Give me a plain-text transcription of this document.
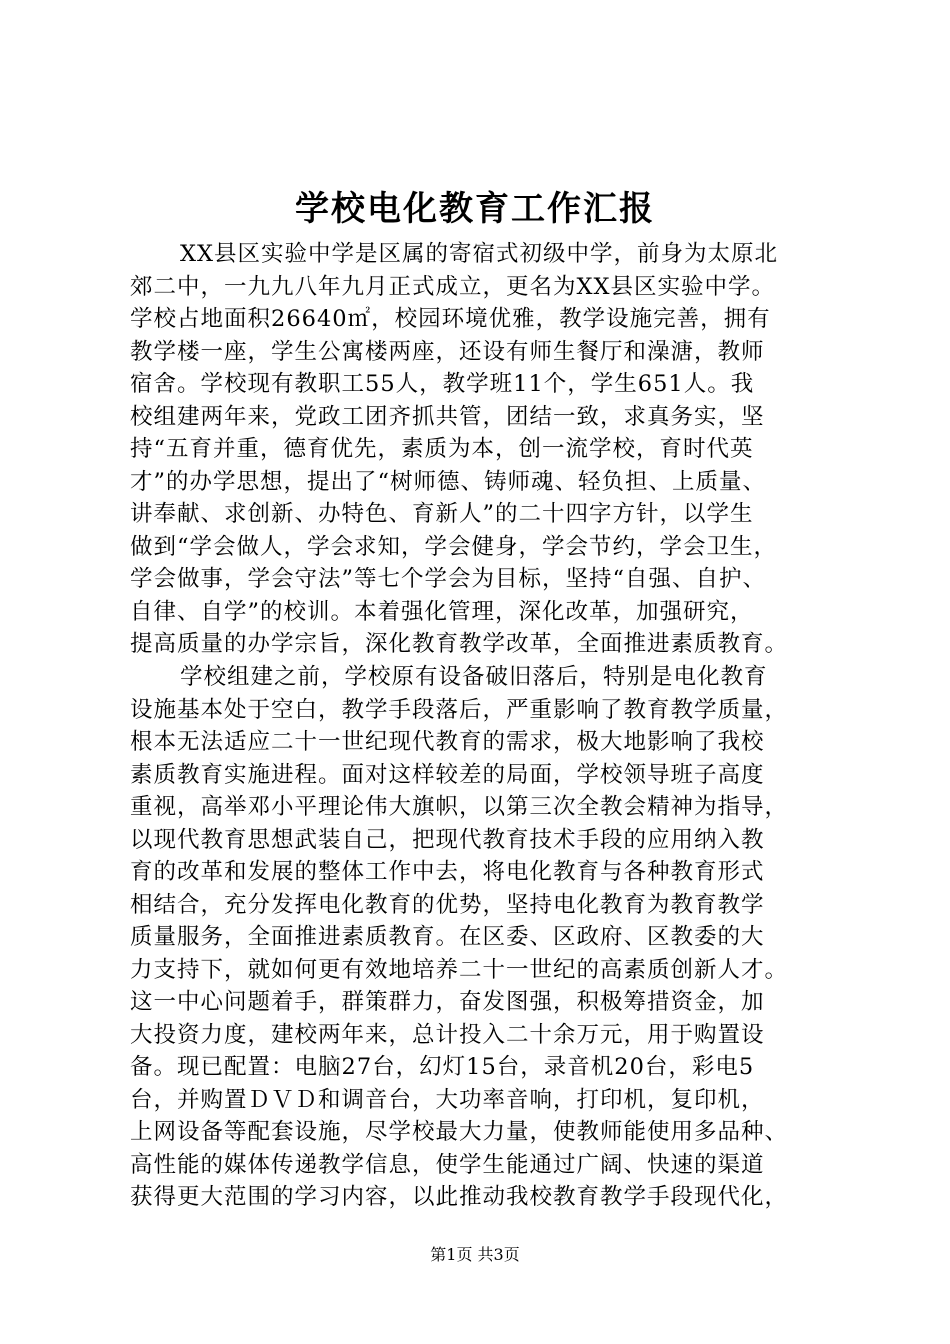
学校电化教育工作汇报
XX县区实验中学是区属的寄宿式初级中学，前身为太原北
郊二中，一九九八年九月正式成立，更名为XX县区实验中学。
学校占地面积26640㎡，校园环境优雅，教学设施完善，拥有
教学楼一座，学生公寓楼两座，还设有师生餐厅和澡溏，教师
宿舍。学校现有教职工55人，教学班11个，学生651人。我
校组建两年来，党政工团齐抓共管，团结一致，求真务实，坚
持“五育并重，德育优先，素质为本，创一流学校，育时代英
才”的办学思想，提出了“树师德、铸师魂、轻负担、上质量、
讲奉献、求创新、办特色、育新人”的二十四字方针，以学生
做到“学会做人，学会求知，学会健身，学会节约，学会卫生，
学会做事，学会守法”等七个学会为目标，坚持“自强、自护、
自律、自学”的校训。本着强化管理，深化改革，加强研究，
提高质量的办学宗旨，深化教育教学改革，全面推进素质教育。
学校组建之前，学校原有设备破旧落后，特别是电化教育
设施基本处于空白，教学手段落后，严重影响了教育教学质量，
根本无法适应二十一世纪现代教育的需求，极大地影响了我校
素质教育实施进程。面对这样较差的局面，学校领导班子高度
重视，高举邓小平理论伟大旗帜，以第三次全教会精神为指导，
以现代教育思想武装自己，把现代教育技术手段的应用纳入教
育的改革和发展的整体工作中去，将电化教育与各种教育形式
相结合，充分发挥电化教育的优势，坚持电化教育为教育教学
质量服务，全面推进素质教育。在区委、区政府、区教委的大
力支持下，就如何更有效地培养二十一世纪的高素质创新人才。
这一中心问题着手，群策群力，奋发图强，积极筹措资金，加
大投资力度，建校两年来，总计投入二十余万元，用于购置设
备。现已配置：电脑27台，幻灯15台，录音机20台，彩电5
台，并购置ＤＶＤ和调音台，大功率音响，打印机，复印机，
上网设备等配套设施，尽学校最大力量，使教师能使用多品种、
高性能的媒体传递教学信息，使学生能通过广阔、快速的渠道
获得更大范围的学习内容，以此推动我校教育教学手段现代化，

第1页 共3页
